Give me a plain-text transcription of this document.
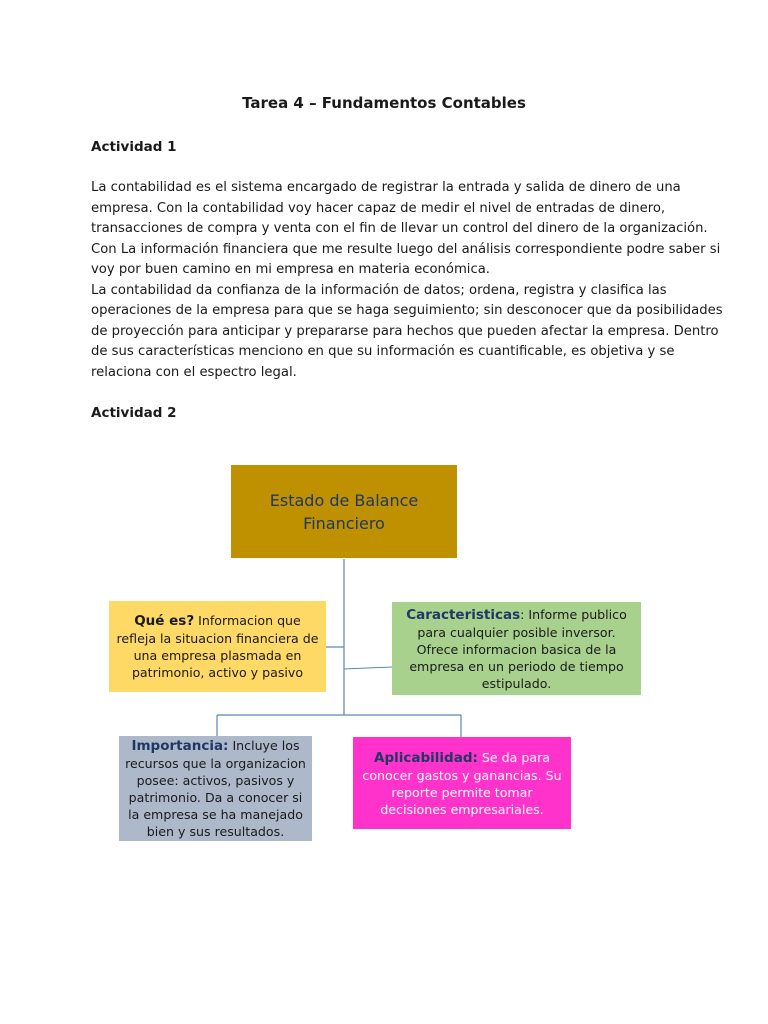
Tarea 4 – Fundamentos Contables
Actividad 1
La contabilidad es el sistema encargado de registrar la entrada y salida de dinero de una
empresa. Con la contabilidad voy hacer capaz de medir el nivel de entradas de dinero,
transacciones de compra y venta con el fin de llevar un control del dinero de la organización.
Con La información financiera que me resulte luego del análisis correspondiente podre saber si
voy por buen camino en mi empresa en materia económica.
La contabilidad da confianza de la información de datos; ordena, registra y clasifica las
operaciones de la empresa para que se haga seguimiento; sin desconocer que da posibilidades
de proyección para anticipar y prepararse para hechos que pueden afectar la empresa. Dentro
de sus características menciono en que su información es cuantificable, es objetiva y se
relaciona con el espectro legal.
Actividad 2
Estado de Balance
Financiero

Qué es? Informacion que refleja la situacion financiera de una empresa plasmada en patrimonio, activo y pasivo

Caracteristicas: Informe publico para cualquier posible inversor. Ofrece informacion basica de la empresa en un periodo de tiempo estipulado.

Importancia: Incluye los recursos que la organizacion posee: activos, pasivos y patrimonio. Da a conocer si la empresa se ha manejado bien y sus resultados.

Aplicabilidad: Se da para conocer gastos y ganancias. Su reporte permite tomar decisiones empresariales.
